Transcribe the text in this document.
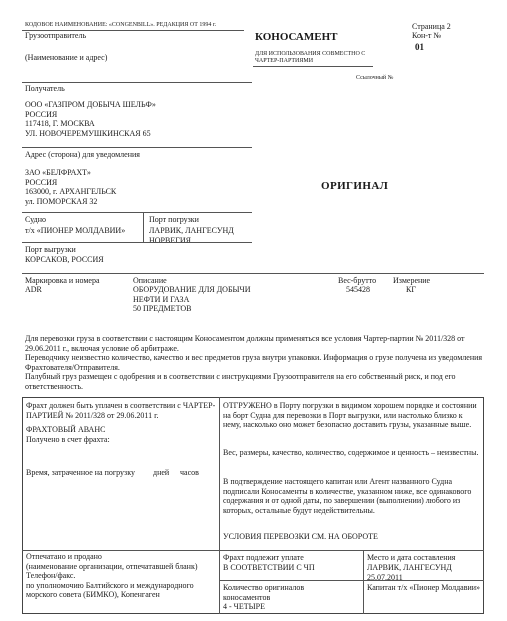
КОДОВОЕ НАИМЕНОВАНИЕ: «CONGENBILL». РЕДАКЦИЯ ОТ 1994 г.
Грузоотправитель
(Наименование и адрес)
КОНОСАМЕНТ
ДЛЯ ИСПОЛЬЗОВАНИЯ СОВМЕСТНО С
ЧАРТЕР-ПАРТИЯМИ
Страница 2
Кон-т №
01
Ссылочный №
Получатель
ООО «ГАЗПРОМ ДОБЫЧА ШЕЛЬФ»
РОССИЯ
117418, Г. МОСКВА
УЛ. НОВОЧЕРЕМУШКИНСКАЯ 65
Адрес (сторона) для уведомления
ЗАО «БЕЛФРАХТ»
РОССИЯ
163000, г. АРХАНГЕЛЬСК
ул. ПОМОРСКАЯ 32
ОРИГИНАЛ
Судно
т/х «ПИОНЕР МОЛДАВИИ»
Порт погрузки
ЛАРВИК, ЛАНГЕСУНД
НОРВЕГИЯ
Порт выгрузки
КОРСАКОВ, РОССИЯ
Маркировка и номера
ADR
Описание
ОБОРУДОВАНИЕ ДЛЯ ДОБЫЧИ
НЕФТИ И ГАЗА
50 ПРЕДМЕТОВ
Вес-брутто
545428
Измерение
КГ
Для перевозки груза в соответствии с настоящим Коносаментом должны применяться все условия Чартер-партии № 2011/328 от 29.06.2011 г., включая условие об арбитраже.
Переводчику неизвестно количество, качество и вес предметов груза внутри упаковки. Информация о грузе получена из уведомления Фрахтователя/Отправителя.
Палубный груз размещен с одобрения и в соответствии с инструкциями Грузоотправителя на его собственный риск, и под его ответственность.
Фрахт должен быть уплачен в соответствии с ЧАРТЕР-ПАРТИЕЙ № 2011/328 от 29.06.2011 г.
ФРАХТОВЫЙ АВАНС
Получено в счет фрахта:
Время, затраченное на погрузку дней часов
ОТГРУЖЕНО в Порту погрузки в видимом хорошем порядке и состоянии на борт Судна для перевозки в Порт выгрузки, или настолько близко к нему, насколько оно может безопасно доставить грузы, указанные выше.
Вес, размеры, качество, количество, содержимое и ценность – неизвестны.
В подтверждение настоящего капитан или Агент названного Судна подписали Коносаменты в количестве, указанном ниже, все одинакового содержания и от одной даты, по завершении (выполнении) любого из которых, остальные будут недействительны.
УСЛОВИЯ ПЕРЕВОЗКИ СМ. НА ОБОРОТЕ
Отпечатано и продано
(наименование организации, отпечатавшей бланк)
Телефон/факс.
по уполномочию Балтийского и международного
морского совета (БИМКО), Копенгаген
Фрахт подлежит уплате
В СООТВЕТСТВИИ С ЧП
Место и дата составления
ЛАРВИК, ЛАНГЕСУНД
25.07.2011
Количество оригиналов
коносаментов
4 - ЧЕТЫРЕ
Капитан т/х «Пионер Молдавии»
